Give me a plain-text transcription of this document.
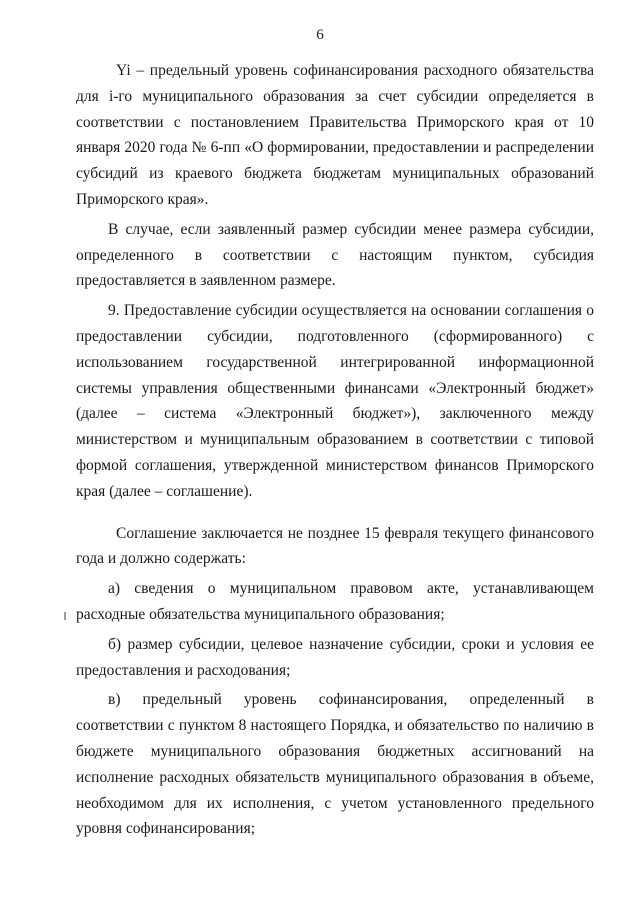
6

Yi – предельный уровень софинансирования расходного обязательства для i-го муниципального образования за счет субсидии определяется в соответствии с постановлением Правительства Приморского края от 10 января 2020 года № 6-пп «О формировании, предоставлении и распределении субсидий из краевого бюджета бюджетам муниципальных образований Приморского края».

В случае, если заявленный размер субсидии менее размера субсидии, определенного в соответствии с настоящим пунктом, субсидия предоставляется в заявленном размере.

9. Предоставление субсидии осуществляется на основании соглашения о предоставлении субсидии, подготовленного (сформированного) с использованием государственной интегрированной информационной системы управления общественными финансами «Электронный бюджет» (далее – система «Электронный бюджет»), заключенного между министерством и муниципальным образованием в соответствии с типовой формой соглашения, утвержденной министерством финансов Приморского края (далее – соглашение).

Соглашение заключается не позднее 15 февраля текущего финансового года и должно содержать:

а) сведения о муниципальном правовом акте, устанавливающем расходные обязательства муниципального образования;

б) размер субсидии, целевое назначение субсидии, сроки и условия ее предоставления и расходования;

в) предельный уровень софинансирования, определенный в соответствии с пунктом 8 настоящего Порядка, и обязательство по наличию в бюджете муниципального образования бюджетных ассигнований на исполнение расходных обязательств муниципального образования в объеме, необходимом для их исполнения, с учетом установленного предельного уровня софинансирования;
